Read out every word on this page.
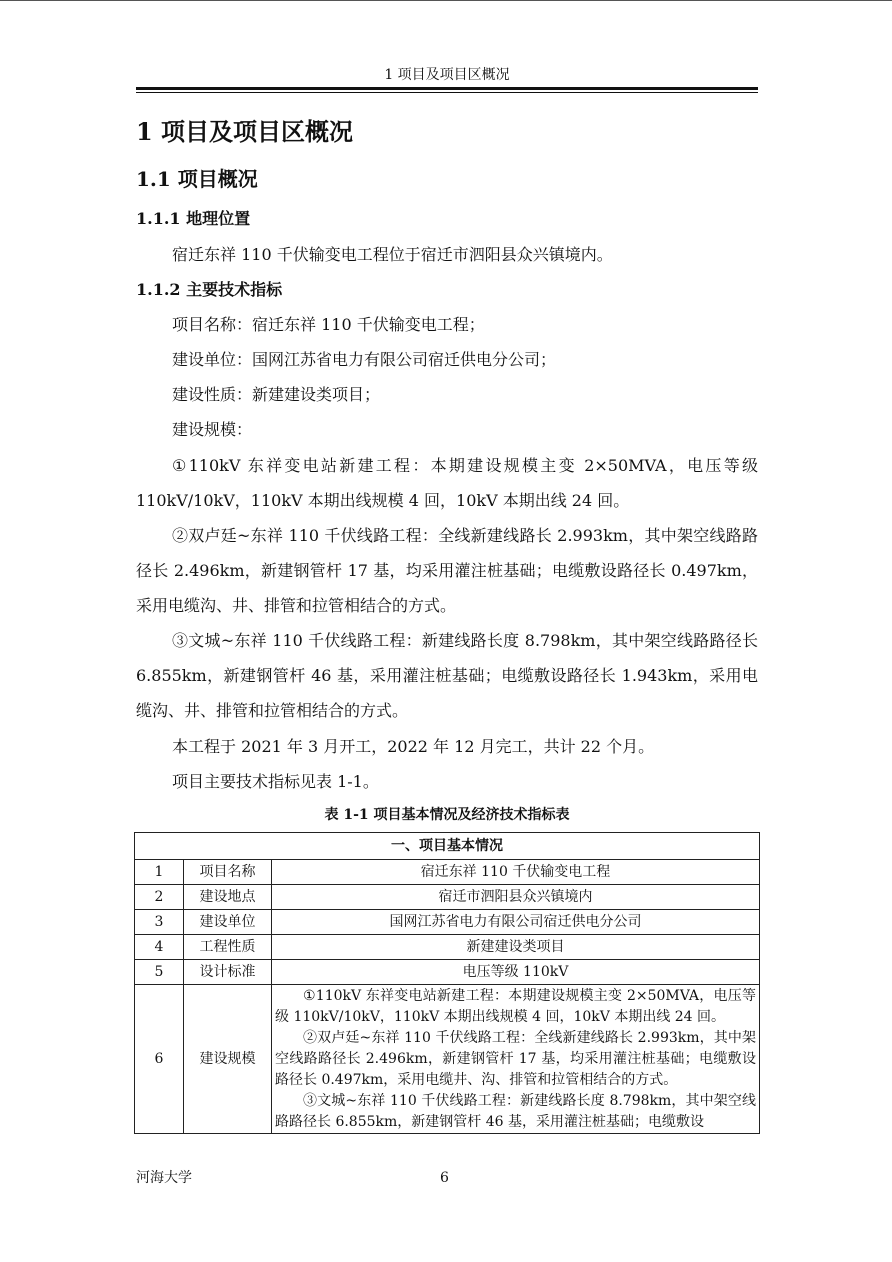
1 项目及项目区概况
1 项目及项目区概况
1.1 项目概况
1.1.1 地理位置

宿迁东祥 110 千伏输变电工程位于宿迁市泗阳县众兴镇境内。

1.1.2 主要技术指标

项目名称：宿迁东祥 110 千伏输变电工程；

建设单位：国网江苏省电力有限公司宿迁供电分公司；

建设性质：新建建设类项目；

建设规模：

①110kV 东祥变电站新建工程：本期建设规模主变 2×50MVA，电压等级 110kV/10kV，110kV 本期出线规模 4 回，10kV 本期出线 24 回。

②双卢廷~东祥 110 千伏线路工程：全线新建线路长 2.993km，其中架空线路路径长 2.496km，新建钢管杆 17 基，均采用灌注桩基础；电缆敷设路径长 0.497km，采用电缆沟、井、排管和拉管相结合的方式。

③文城~东祥 110 千伏线路工程：新建线路长度 8.798km，其中架空线路路径长 6.855km，新建钢管杆 46 基，采用灌注桩基础；电缆敷设路径长 1.943km，采用电缆沟、井、排管和拉管相结合的方式。

本工程于 2021 年 3 月开工，2022 年 12 月完工，共计 22 个月。

项目主要技术指标见表 1-1。

表 1-1 项目基本情况及经济技术指标表
一、项目基本情况		
1	项目名称	宿迁东祥 110 千伏输变电工程
2	建设地点	宿迁市泗阳县众兴镇境内
3	建设单位	国网江苏省电力有限公司宿迁供电分公司
4	工程性质	新建建设类项目
5	设计标准	电压等级 110kV
6	建设规模	①110kV 东祥变电站新建工程：本期建设规模主变 2×50MVA，电压等级 110kV/10kV，110kV 本期出线规模 4 回，10kV 本期出线 24 回。
②双卢廷~东祥 110 千伏线路工程：全线新建线路长 2.993km，其中架空线路路径长 2.496km，新建钢管杆 17 基，均采用灌注桩基础；电缆敷设路径长 0.497km，采用电缆井、沟、排管和拉管相结合的方式。
③文城~东祥 110 千伏线路工程：新建线路长度 8.798km，其中架空线路路径长 6.855km，新建钢管杆 46 基，采用灌注桩基础；电缆敷设
河海大学	6
